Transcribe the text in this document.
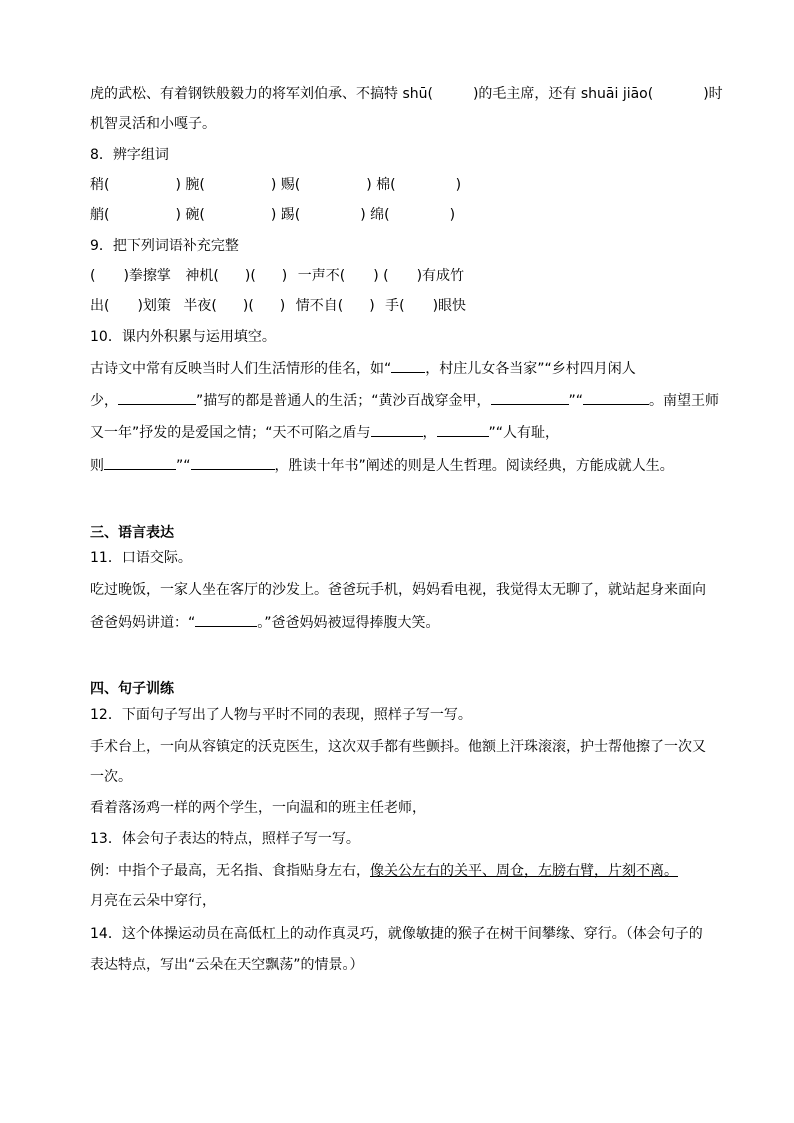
虎的武松、有着钢铁般毅力的将军刘伯承、不搞特 shū(	)的毛主席，还有 shuāi jiāo(	)时
机智灵活和小嘎子。
8．辨字组词
稍(	) 腕(	) 赐(	) 棉(	)
艄(	) 碗(	) 踢(	) 绵(	)
9．把下列词语补充完整
( )拳擦掌 神机( )( ) 一声不( ) ( )有成竹
出( )划策 半夜( )( ) 情不自( ) 手( )眼快
10．课内外积累与运用填空。
古诗文中常有反映当时人们生活情形的佳名，如“ ，村庄儿女各当家”“乡村四月闲人
少，	”描写的都是普通人的生活；“黄沙百战穿金甲，	”“	。南望王师
又一年”抒发的是爱国之情；“天不可陷之盾与	，	”“人有耻，
则	”“	，胜读十年书”阐述的则是人生哲理。阅读经典，方能成就人生。
三、语言表达
11．口语交际。
吃过晚饭，一家人坐在客厅的沙发上。爸爸玩手机，妈妈看电视，我觉得太无聊了，就站起身来面向
爸爸妈妈讲道：“	。”爸爸妈妈被逗得捧腹大笑。
四、句子训练
12．下面句子写出了人物与平时不同的表现，照样子写一写。
手术台上，一向从容镇定的沃克医生，这次双手都有些颤抖。他额上汗珠滚滚，护士帮他擦了一次又
一次。
看着落汤鸡一样的两个学生，一向温和的班主任老师，
13．体会句子表达的特点，照样子写一写。
例：中指个子最高，无名指、食指贴身左右，像关公左右的关平、周仓，左膀右臂，片刻不离。
月亮在云朵中穿行，
14．这个体操运动员在高低杠上的动作真灵巧，就像敏捷的猴子在树干间攀缘、穿行。（体会句子的
表达特点，写出“云朵在天空飘荡”的情景。）
